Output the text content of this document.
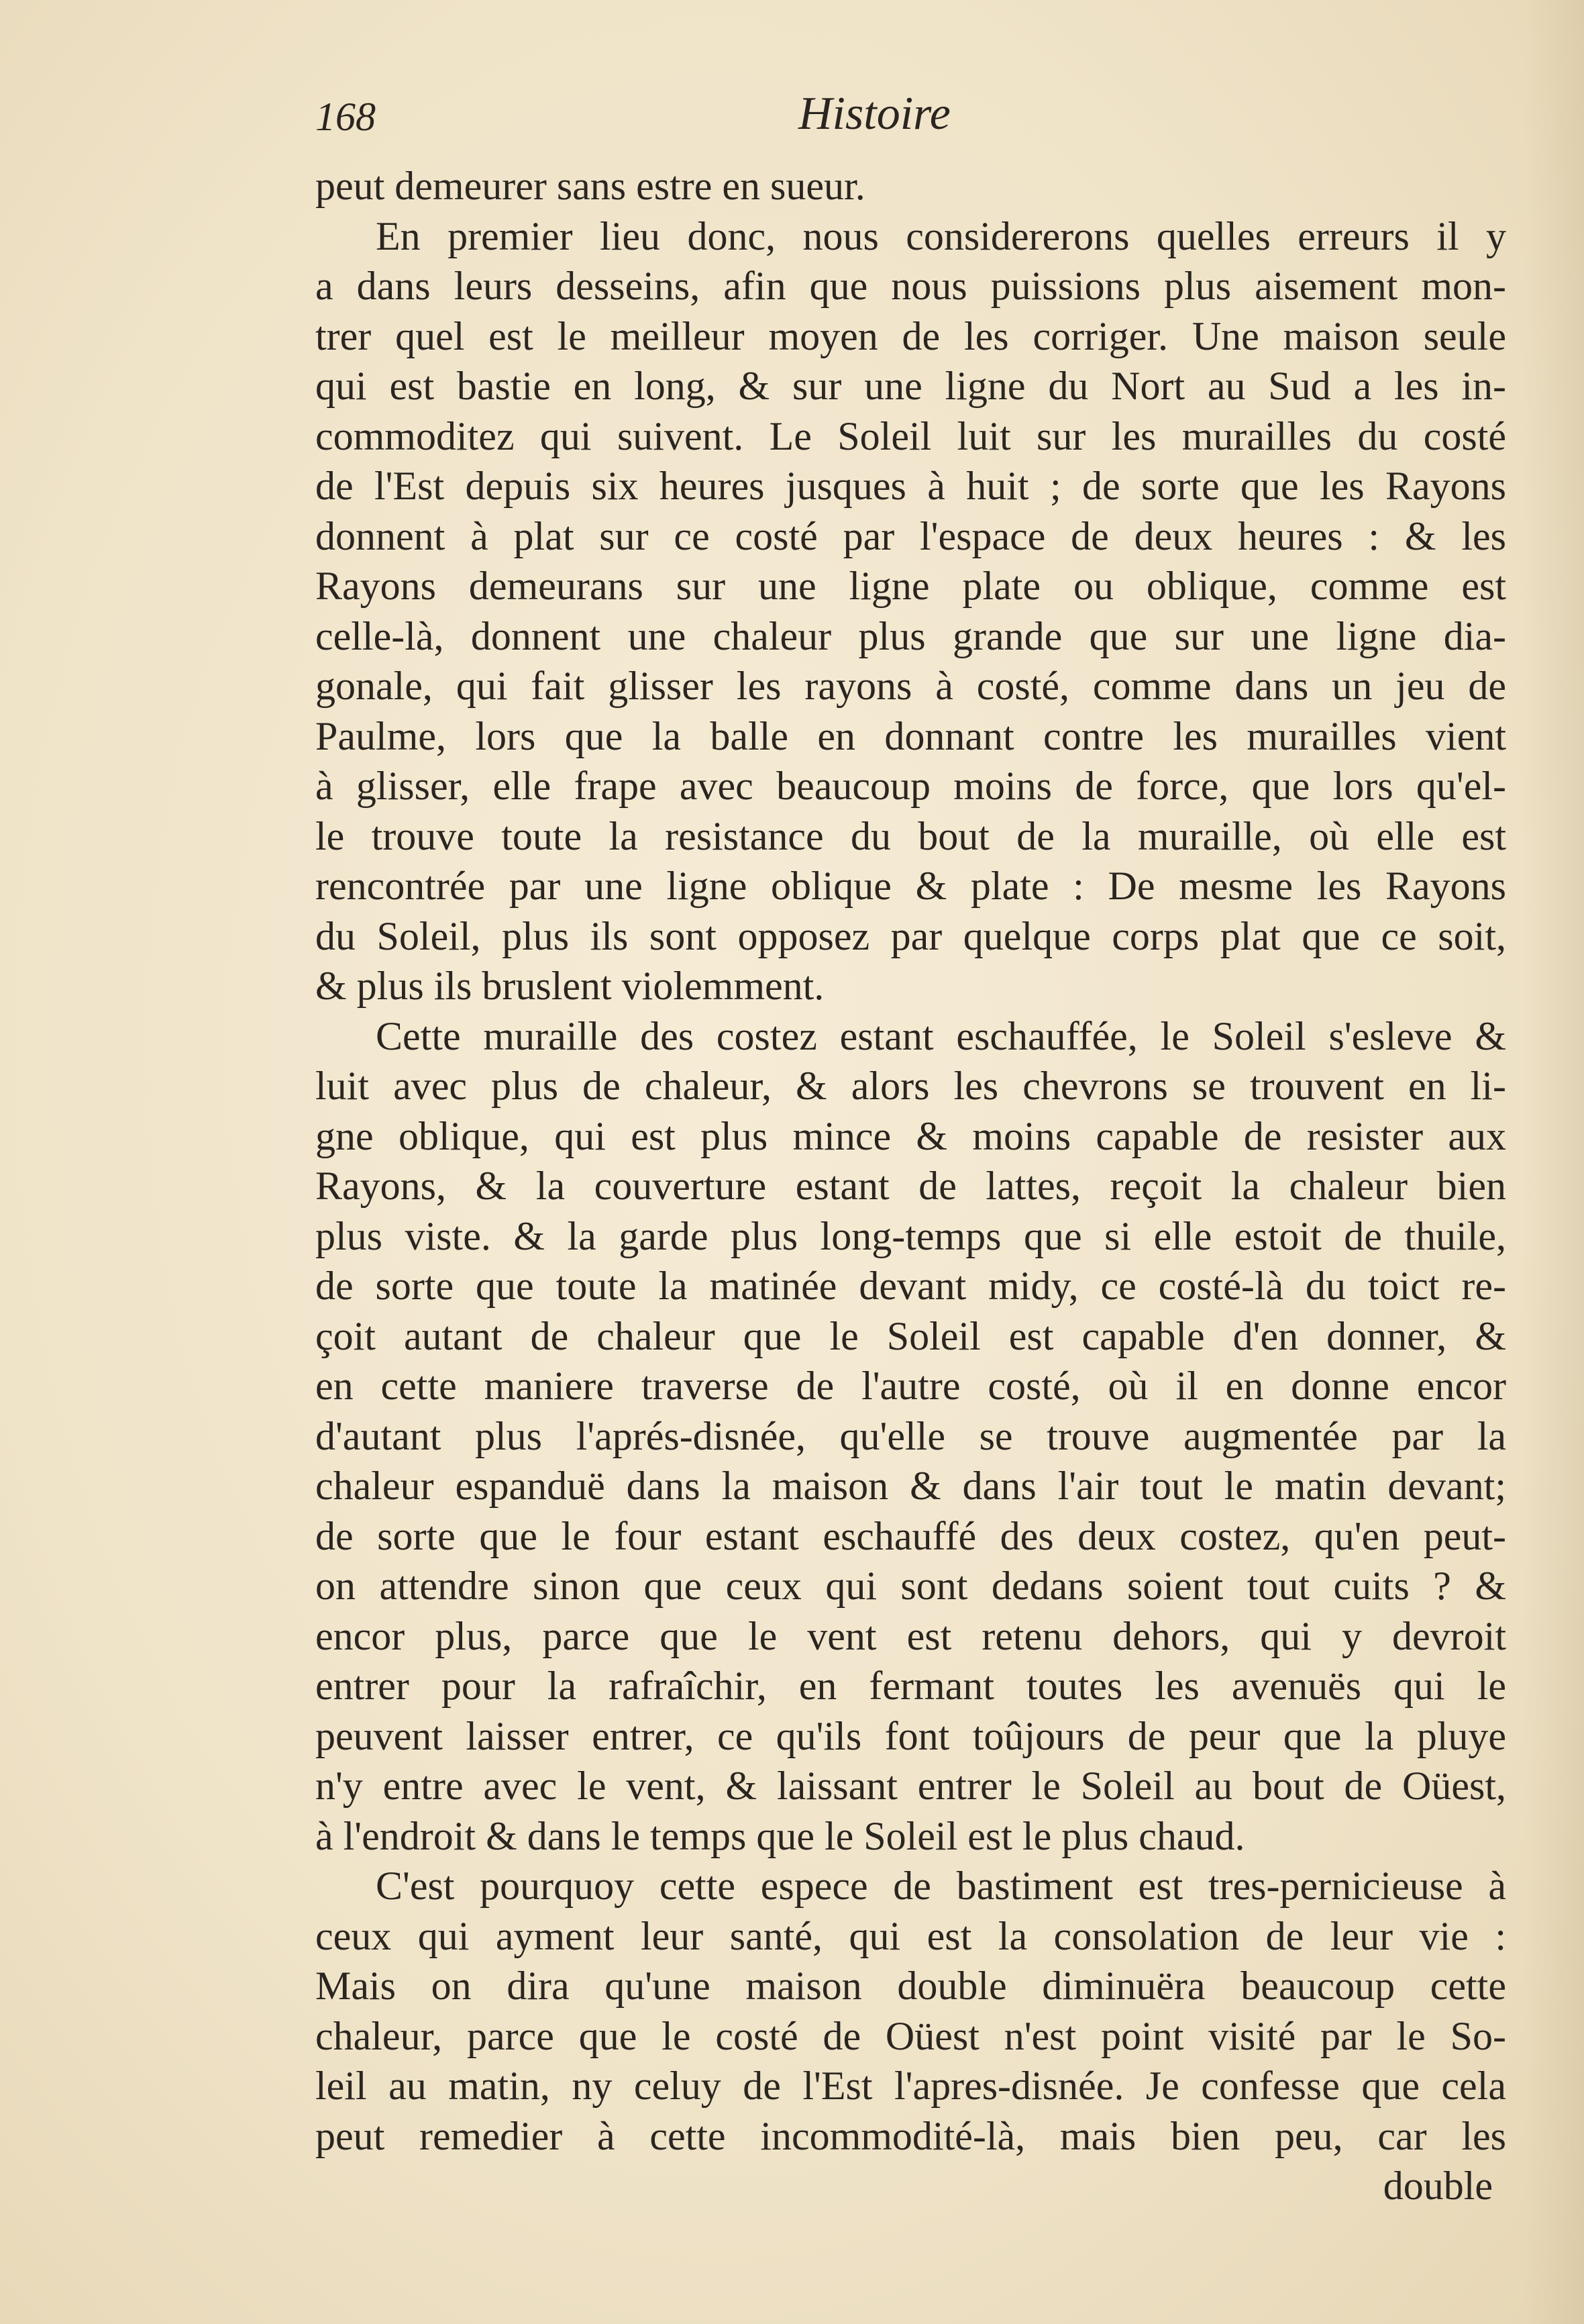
168	Histoire
peut demeurer sans estre en sueur.
En premier lieu donc, nous considererons quelles erreurs il y
a dans leurs desseins, afin que nous puissions plus aisement mon-
trer quel est le meilleur moyen de les corriger. Une maison seule
qui est bastie en long, & sur une ligne du Nort au Sud a les in-
commoditez qui suivent. Le Soleil luit sur les murailles du costé
de l'Est depuis six heures jusques à huit ; de sorte que les Rayons
donnent à plat sur ce costé par l'espace de deux heures : & les
Rayons demeurans sur une ligne plate ou oblique, comme est
celle-là, donnent une chaleur plus grande que sur une ligne dia-
gonale, qui fait glisser les rayons à costé, comme dans un jeu de
Paulme, lors que la balle en donnant contre les murailles vient
à glisser, elle frape avec beaucoup moins de force, que lors qu'el-
le trouve toute la resistance du bout de la muraille, où elle est
rencontrée par une ligne oblique & plate : De mesme les Rayons
du Soleil, plus ils sont opposez par quelque corps plat que ce soit,
& plus ils bruslent violemment.
Cette muraille des costez estant eschauffée, le Soleil s'esleve &
luit avec plus de chaleur, & alors les chevrons se trouvent en li-
gne oblique, qui est plus mince & moins capable de resister aux
Rayons, & la couverture estant de lattes, reçoit la chaleur bien
plus viste. & la garde plus long-temps que si elle estoit de thuile,
de sorte que toute la matinée devant midy, ce costé-là du toict re-
çoit autant de chaleur que le Soleil est capable d'en donner, &
en cette maniere traverse de l'autre costé, où il en donne encor
d'autant plus l'aprés-disnée, qu'elle se trouve augmentée par la
chaleur espanduë dans la maison & dans l'air tout le matin devant;
de sorte que le four estant eschauffé des deux costez, qu'en peut-
on attendre sinon que ceux qui sont dedans soient tout cuits ? &
encor plus, parce que le vent est retenu dehors, qui y devroit
entrer pour la rafraîchir, en fermant toutes les avenuës qui le
peuvent laisser entrer, ce qu'ils font toûjours de peur que la pluye
n'y entre avec le vent, & laissant entrer le Soleil au bout de Oüest,
à l'endroit & dans le temps que le Soleil est le plus chaud.
C'est pourquoy cette espece de bastiment est tres-pernicieuse à
ceux qui ayment leur santé, qui est la consolation de leur vie :
Mais on dira qu'une maison double diminuëra beaucoup cette
chaleur, parce que le costé de Oüest n'est point visité par le So-
leil au matin, ny celuy de l'Est l'apres-disnée. Je confesse que cela
peut remedier à cette incommodité-là, mais bien peu, car les
double
